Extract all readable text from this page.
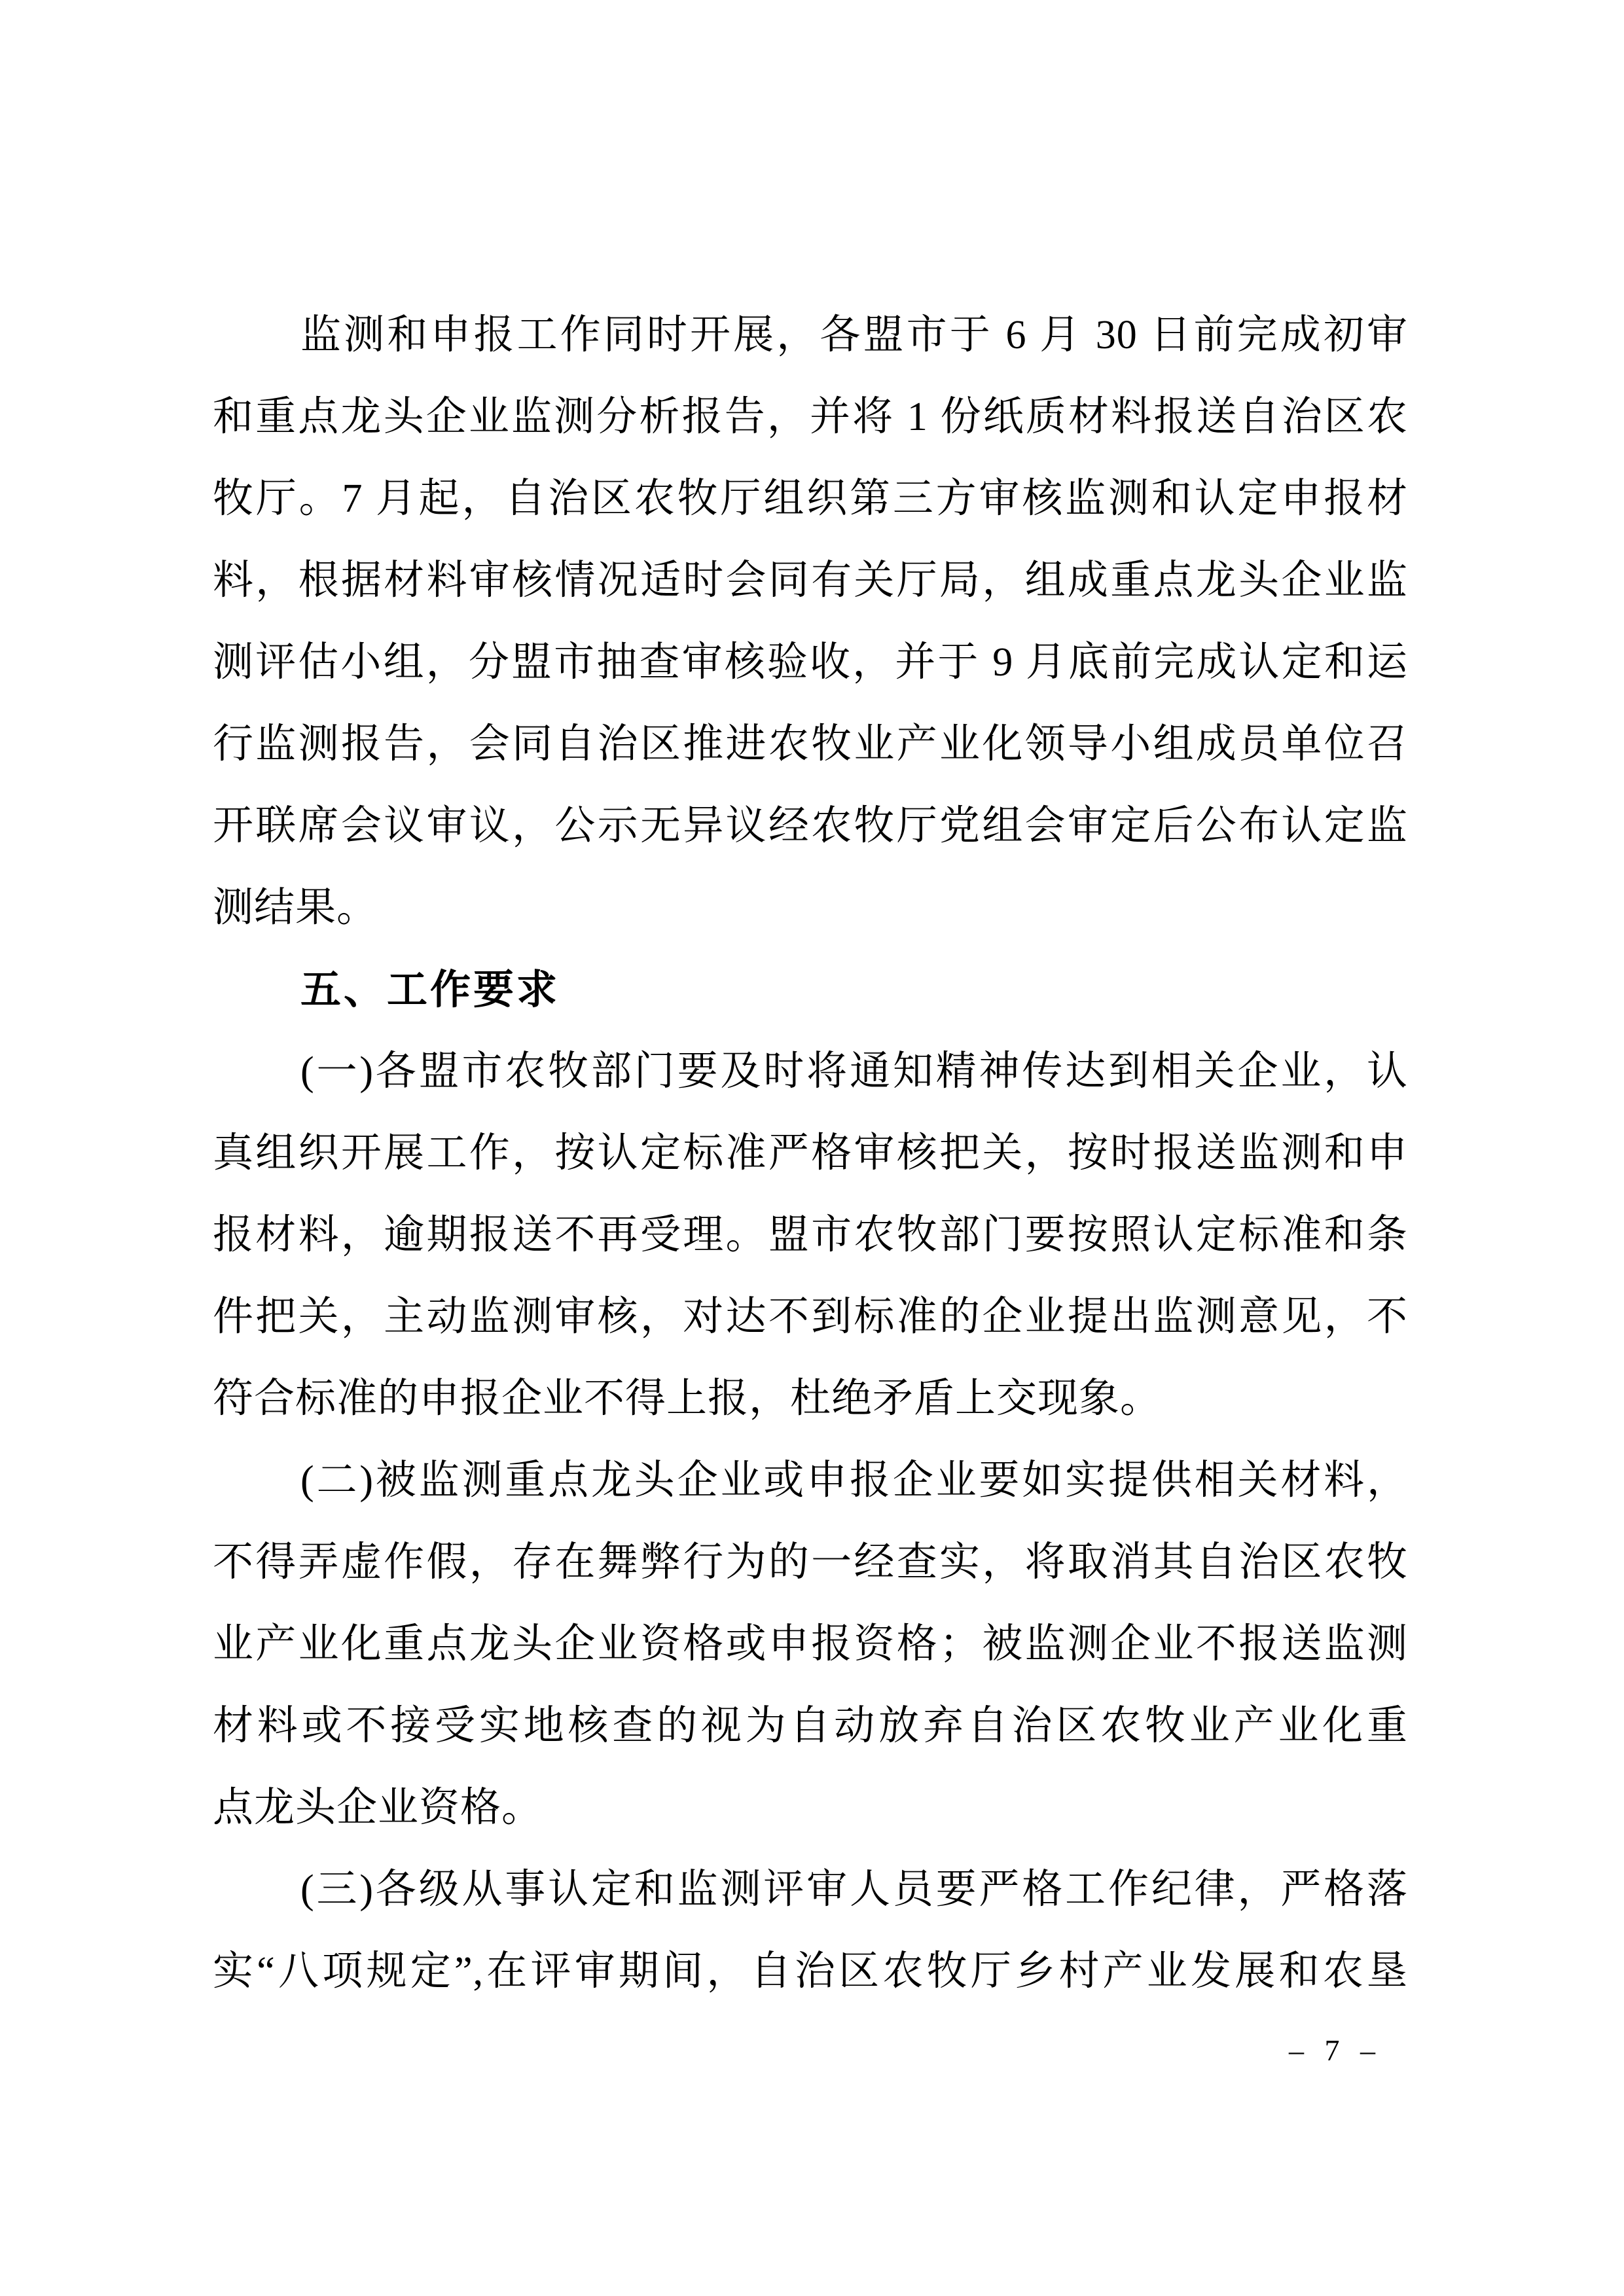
监测和申报工作同时开展，各盟市于 6 月 30 日前完成初审
和重点龙头企业监测分析报告，并将 1 份纸质材料报送自治区农
牧厅。7 月起，自治区农牧厅组织第三方审核监测和认定申报材
料，根据材料审核情况适时会同有关厅局，组成重点龙头企业监
测评估小组，分盟市抽查审核验收，并于 9 月底前完成认定和运
行监测报告，会同自治区推进农牧业产业化领导小组成员单位召
开联席会议审议，公示无异议经农牧厅党组会审定后公布认定监
测结果。
五、工作要求
(一)各盟市农牧部门要及时将通知精神传达到相关企业，认
真组织开展工作，按认定标准严格审核把关，按时报送监测和申
报材料，逾期报送不再受理。盟市农牧部门要按照认定标准和条
件把关，主动监测审核，对达不到标准的企业提出监测意见，不
符合标准的申报企业不得上报，杜绝矛盾上交现象。
(二)被监测重点龙头企业或申报企业要如实提供相关材料，
不得弄虚作假，存在舞弊行为的一经查实，将取消其自治区农牧
业产业化重点龙头企业资格或申报资格；被监测企业不报送监测
材料或不接受实地核查的视为自动放弃自治区农牧业产业化重
点龙头企业资格。
(三)各级从事认定和监测评审人员要严格工作纪律，严格落
实“八项规定”,在评审期间，自治区农牧厅乡村产业发展和农垦
– 7 –
